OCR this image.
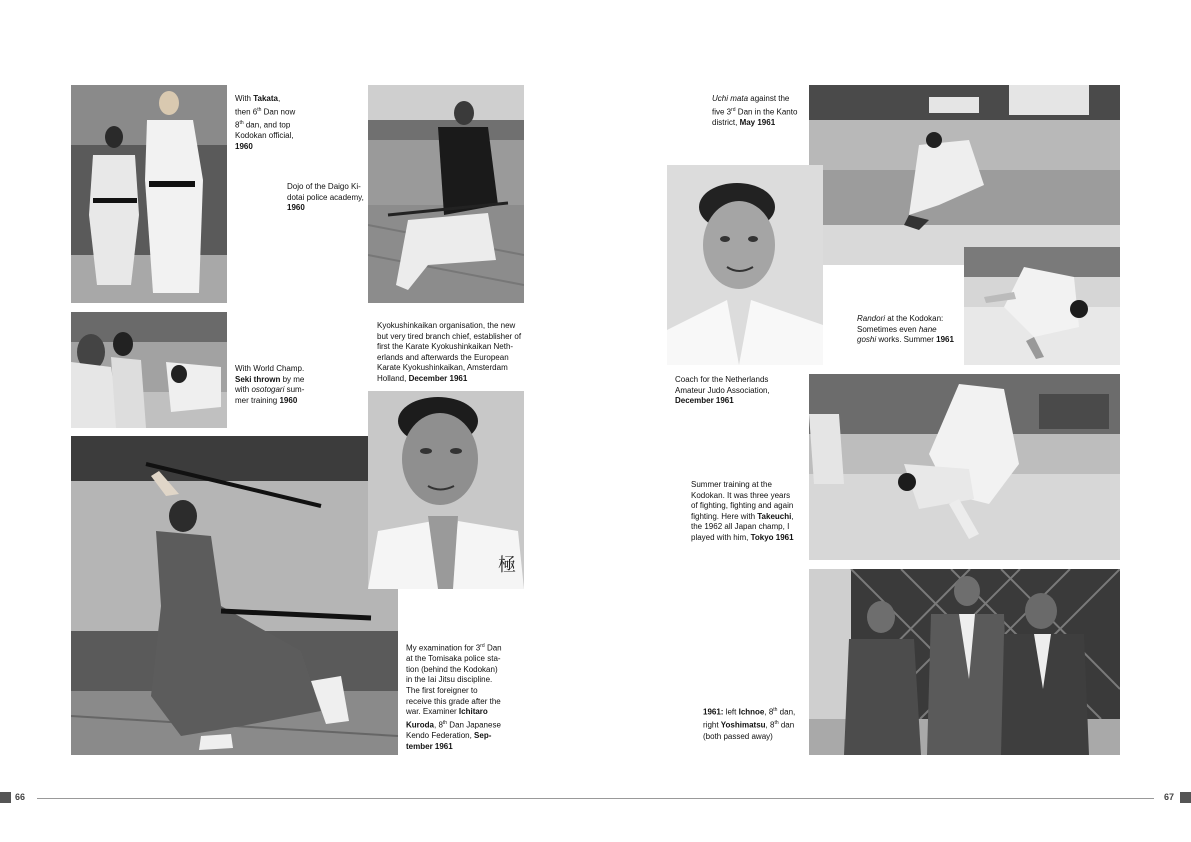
極
With Takata,
then 6th Dan now
8th dan, and top
Kodokan official,
1960
Dojo of the Daigo Ki-
dotai police academy,
1960
Kyokushinkaikan organisation, the new
but very tired branch chief, establisher of
first the Karate Kyokushinkaikan Neth-
erlands and afterwards the European
Karate Kyokushinkaikan, Amsterdam
Holland, December 1961
With World Champ.
Seki thrown by me
with osotogari sum-
mer training 1960
My examination for 3rd Dan
at the Tomisaka police sta-
tion (behind the Kodokan)
in the Iai Jitsu discipline.
The first foreigner to
receive this grade after the
war. Examiner Ichitaro
Kuroda, 8th Dan Japanese
Kendo Federation, Sep-
tember 1961
Uchi mata against the
five 3rd Dan in the Kanto
district, May 1961
Randori at the Kodokan:
Sometimes even hane
goshi works. Summer 1961
Coach for the Netherlands
Amateur Judo Association,
December 1961
Summer training at the
Kodokan. It was three years
of fighting, fighting and again
fighting. Here with Takeuchi,
the 1962 all Japan champ, I
played with him, Tokyo 1961
1961: left Ichnoe, 8th dan,
right Yoshimatsu, 8th dan
(both passed away)
66	67
